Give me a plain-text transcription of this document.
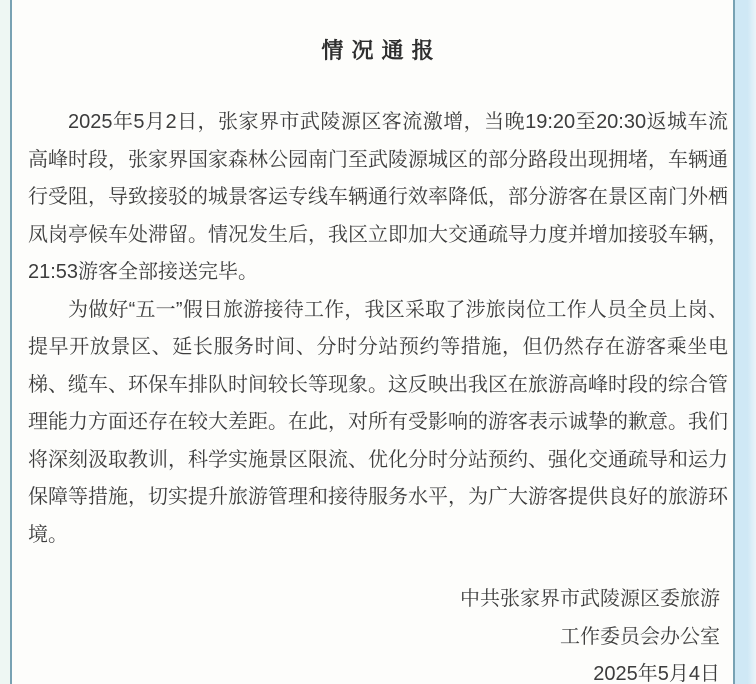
情 况 通 报

2025年5月2日，张家界市武陵源区客流激增，当晚19:20至20:30返城车流高峰时段，张家界国家森林公园南门至武陵源城区的部分路段出现拥堵，车辆通行受阻，导致接驳的城景客运专线车辆通行效率降低，部分游客在景区南门外栖凤岗亭候车处滞留。情况发生后，我区立即加大交通疏导力度并增加接驳车辆，21:53游客全部接送完毕。

为做好“五一”假日旅游接待工作，我区采取了涉旅岗位工作人员全员上岗、提早开放景区、延长服务时间、分时分站预约等措施，但仍然存在游客乘坐电梯、缆车、环保车排队时间较长等现象。这反映出我区在旅游高峰时段的综合管理能力方面还存在较大差距。在此，对所有受影响的游客表示诚挚的歉意。我们将深刻汲取教训，科学实施景区限流、优化分时分站预约、强化交通疏导和运力保障等措施，切实提升旅游管理和接待服务水平，为广大游客提供良好的旅游环境。

中共张家界市武陵源区委旅游
工作委员会办公室
2025年5月4日
